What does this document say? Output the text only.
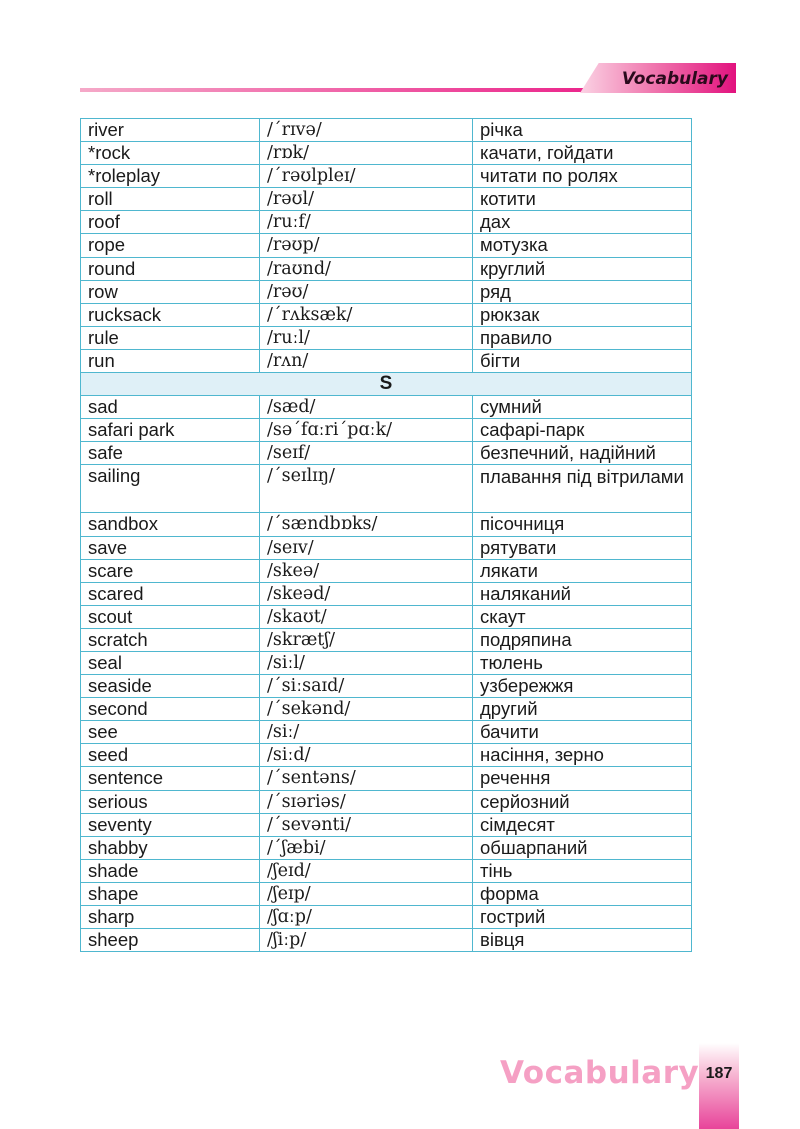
Vocabulary
river	/ˊrɪvə/	річка
*rock	/rɒk/	качати, гойдати
*roleplay	/ˊrəʊlpleɪ/	читати по ролях
roll	/rəʊl/	котити
roof	/ruːf/	дах
rope	/rəʊp/	мотузка
round	/raʊnd/	круглий
row	/rəʊ/	ряд
rucksack	/ˊrʌksæk/	рюкзак
rule	/ruːl/	правило
run	/rʌn/	бігти
S		
sad	/sæd/	сумний
safari park	/səˊfɑːriˊpɑːk/	сафарі-парк
safe	/seɪf/	безпечний, надійний
sailing	/ˊseɪlɪŋ/	плавання під вітрилами
sandbox	/ˊsændbɒks/	пісочниця
save	/seɪv/	рятувати
scare	/skeə/	лякати
scared	/skeəd/	наляканий
scout	/skaʊt/	скаут
scratch	/skrætʃ/	подряпина
seal	/siːl/	тюлень
seaside	/ˊsiːsaɪd/	узбережжя
second	/ˊsekənd/	другий
see	/siː/	бачити
seed	/siːd/	насіння, зерно
sentence	/ˊsentəns/	речення
serious	/ˊsɪəriəs/	серйозний
seventy	/ˊsevənti/	сімдесят
shabby	/ˊʃæbi/	обшарпаний
shade	/ʃeɪd/	тінь
shape	/ʃeɪp/	форма
sharp	/ʃɑːp/	гострий
sheep	/ʃiːp/	вівця
Vocabulary 187
